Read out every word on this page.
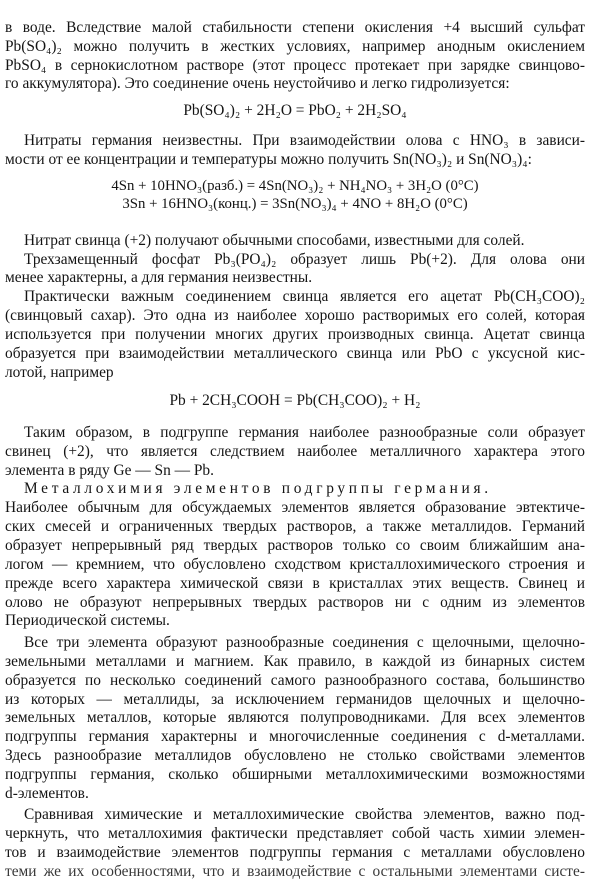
в воде. Вследствие малой стабильности степени окисления +4 высший сульфат

Pb(SO₄)₂ можно получить в жестких условиях, например анодным окислением

PbSO₄ в сернокислотном растворе (этот процесс протекает при зарядке свинцово-

го аккумулятора). Это соединение очень неустойчиво и легко гидролизуется:

Pb(SO₄)₂ + 2H₂O = PbO₂ + 2H₂SO₄

Нитраты германия неизвестны. При взаимодействии олова с HNO₃ в зависи-

мости от ее концентрации и температуры можно получить Sn(NO₃)₂ и Sn(NO₃)₄:

4Sn + 10HNO₃(разб.) = 4Sn(NO₃)₂ + NH₄NO₃ + 3H₂O (0°C)

3Sn + 16HNO₃(конц.) = 3Sn(NO₃)₄ + 4NO + 8H₂O (0°C)

Нитрат свинца (+2) получают обычными способами, известными для солей.

Трехзамещенный фосфат Pb₃(PO₄)₂ образует лишь Pb(+2). Для олова они

менее характерны, а для германия неизвестны.

Практически важным соединением свинца является его ацетат Pb(CH₃COO)₂

(свинцовый сахар). Это одна из наиболее хорошо растворимых его солей, которая

используется при получении многих других производных свинца. Ацетат свинца

образуется при взаимодействии металлического свинца или PbO с уксусной кис-

лотой, например

Pb + 2CH₃COOH = Pb(CH₃COO)₂ + H₂

Таким образом, в подгруппе германия наиболее разнообразные соли образует

свинец (+2), что является следствием наиболее металличного характера этого

элемента в ряду Ge — Sn — Pb.

Металлохимия элементов подгруппы германия.

Наиболее обычным для обсуждаемых элементов является образование эвтектиче-

ских смесей и ограниченных твердых растворов, а также металлидов. Германий

образует непрерывный ряд твердых растворов только со своим ближайшим ана-

логом — кремнием, что обусловлено сходством кристаллохимического строения и

прежде всего характера химической связи в кристаллах этих веществ. Свинец и

олово не образуют непрерывных твердых растворов ни с одним из элементов

Периодической системы.

Все три элемента образуют разнообразные соединения с щелочными, щелочно-

земельными металлами и магнием. Как правило, в каждой из бинарных систем

образуется по несколько соединений самого разнообразного состава, большинство

из которых — металлиды, за исключением германидов щелочных и щелочно-

земельных металлов, которые являются полупроводниками. Для всех элементов

подгруппы германия характерны и многочисленные соединения с d-металлами.

Здесь разнообразие металлидов обусловлено не столько свойствами элементов

подгруппы германия, сколько обширными металлохимическими возможностями

d-элементов.

Сравнивая химические и металлохимические свойства элементов, важно под-

черкнуть, что металлохимия фактически представляет собой часть химии элемен-

тов и взаимодействие элементов подгруппы германия с металлами обусловлено

теми же их особенностями, что и взаимодействие с остальными элементами систе-
